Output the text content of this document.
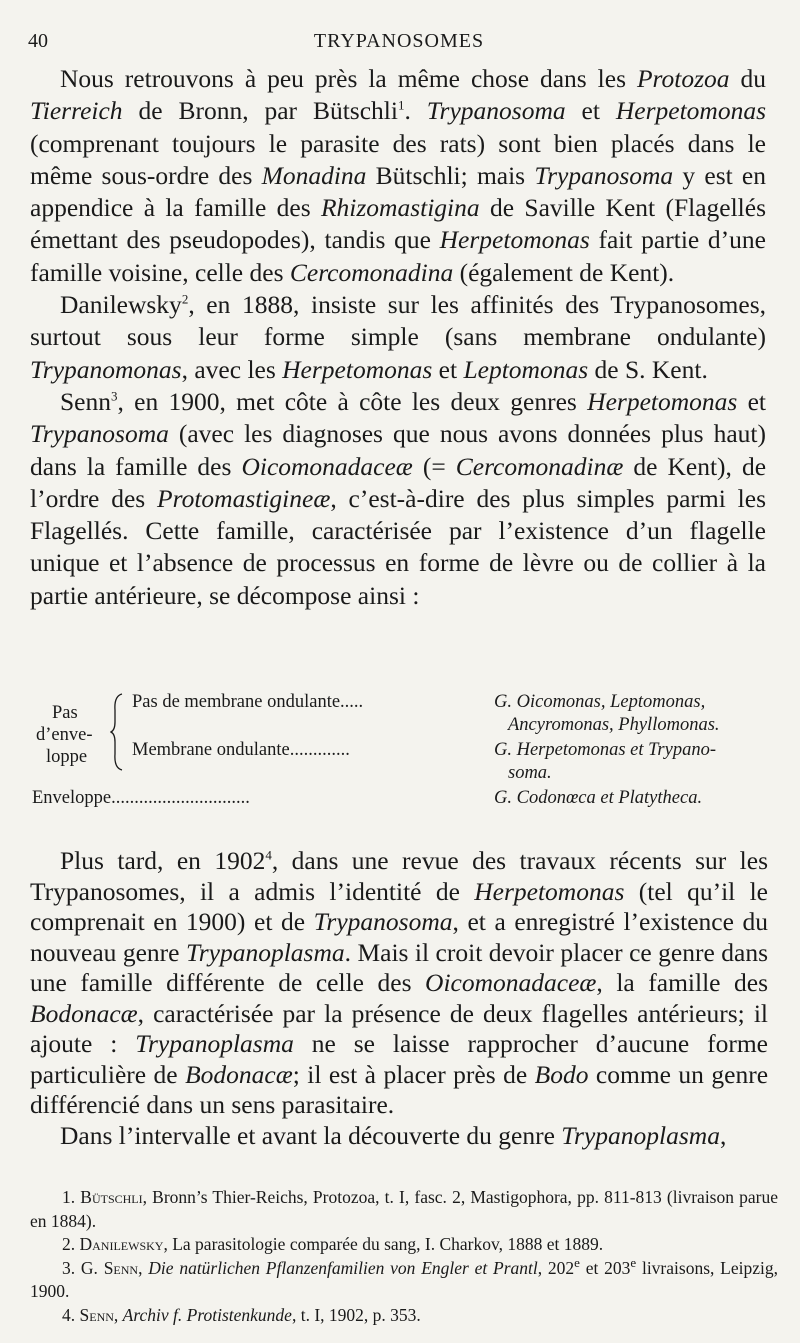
40	TRYPANOSOMES

Nous retrouvons à peu près la même chose dans les Protozoa du Tierreich de Bronn, par Bütschli$^1$. Trypanosoma et Herpetomonas (comprenant toujours le parasite des rats) sont bien placés dans le même sous-ordre des Monadina Bütschli; mais Trypanosoma y est en appendice à la famille des Rhizomastigina de Saville Kent (Flagellés émettant des pseudopodes), tandis que Herpetomonas fait partie d’une famille voisine, celle des Cercomonadina (également de Kent).

Danilewsky$^2$, en 1888, insiste sur les affinités des Trypanosomes, surtout sous leur forme simple (sans membrane ondulante) Trypanomonas, avec les Herpetomonas et Leptomonas de S. Kent.

Senn$^3$, en 1900, met côte à côte les deux genres Herpetomonas et Trypanosoma (avec les diagnoses que nous avons données plus haut) dans la famille des Oicomonadaceæ (= Cercomonadinæ de Kent), de l’ordre des Protomastigineæ, c’est-à-dire des plus simples parmi les Flagellés. Cette famille, caractérisée par l’existence d’un flagelle unique et l’absence de processus en forme de lèvre ou de collier à la partie antérieure, se décompose ainsi :

Pas
d’enve-
loppe
Pas de membrane ondulante.....	G. Oicomonas, Leptomonas,
Ancyromonas, Phyllomonas.
Membrane ondulante.............	G. Herpetomonas et Trypano-
soma.
Enveloppe..............................	G. Codonœca et Platytheca.

Plus tard, en 1902$^4$, dans une revue des travaux récents sur les Trypanosomes, il a admis l’identité de Herpetomonas (tel qu’il le comprenait en 1900) et de Trypanosoma, et a enregistré l’existence du nouveau genre Trypanoplasma. Mais il croit devoir placer ce genre dans une famille différente de celle des Oicomonadaceæ, la famille des Bodonacæ, caractérisée par la présence de deux flagelles antérieurs; il ajoute : Trypanoplasma ne se laisse rapprocher d’aucune forme particulière de Bodonacæ; il est à placer près de Bodo comme un genre différencié dans un sens parasitaire.

Dans l’intervalle et avant la découverte du genre Trypanoplasma,

1. Bütschli, Bronn’s Thier-Reichs, Protozoa, t. I, fasc. 2, Mastigophora, pp. 811-813 (livraison parue en 1884).

2. Danilewsky, La parasitologie comparée du sang, I. Charkov, 1888 et 1889.

3. G. Senn, Die natürlichen Pflanzenfamilien von Engler et Prantl, 202e et 203e livraisons, Leipzig, 1900.

4. Senn, Archiv f. Protistenkunde, t. I, 1902, p. 353.
